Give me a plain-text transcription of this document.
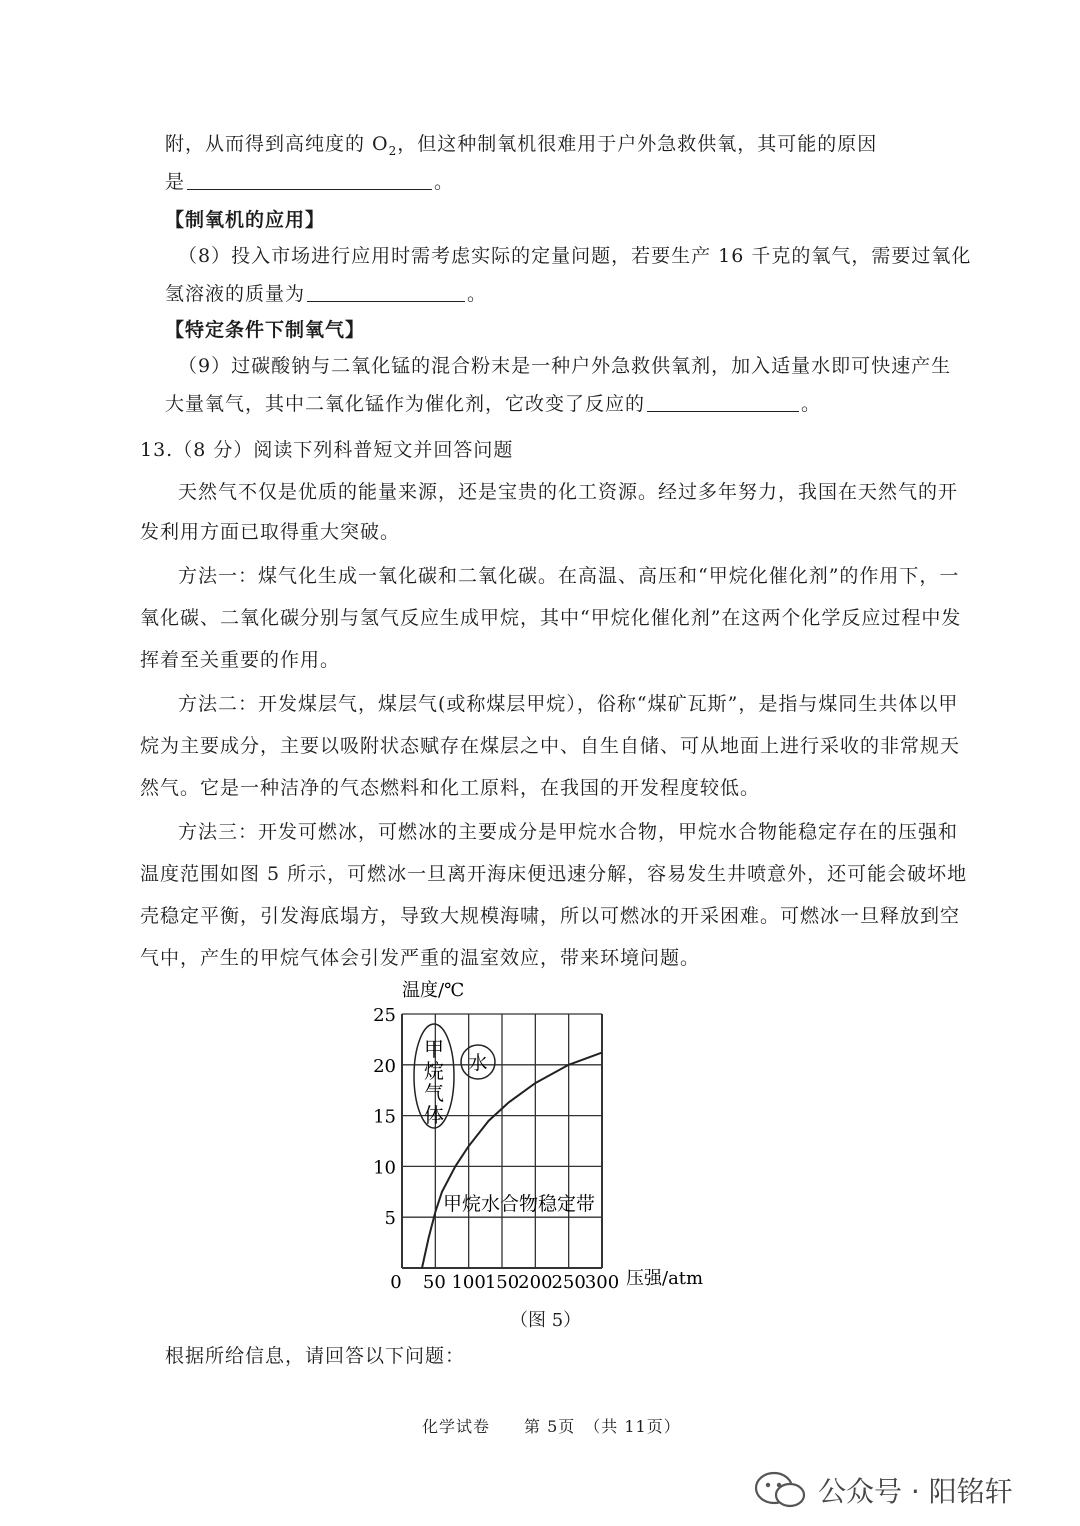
附，从而得到高纯度的 $O_2$，但这种制氧机很难用于户外急救供氧，其可能的原因
是	。
【制氧机的应用】
（8）投入市场进行应用时需考虑实际的定量问题，若要生产 16 千克的氧气，需要过氧化
氢溶液的质量为	。
【特定条件下制氧气】
（9）过碳酸钠与二氧化锰的混合粉末是一种户外急救供氧剂，加入适量水即可快速产生
大量氧气，其中二氧化锰作为催化剂，它改变了反应的	。
13.（8 分）阅读下列科普短文并回答问题
天然气不仅是优质的能量来源，还是宝贵的化工资源。经过多年努力，我国在天然气的开
发利用方面已取得重大突破。
方法一：煤气化生成一氧化碳和二氧化碳。在高温、高压和“甲烷化催化剂”的作用下，一
氧化碳、二氧化碳分别与氢气反应生成甲烷，其中“甲烷化催化剂”在这两个化学反应过程中发
挥着至关重要的作用。
方法二：开发煤层气，煤层气(或称煤层甲烷），俗称“煤矿瓦斯”，是指与煤同生共体以甲
烷为主要成分，主要以吸附状态赋存在煤层之中、自生自储、可从地面上进行采收的非常规天
然气。它是一种洁净的气态燃料和化工原料，在我国的开发程度较低。
方法三：开发可燃冰，可燃冰的主要成分是甲烷水合物，甲烷水合物能稳定存在的压强和
温度范围如图 5 所示，可燃冰一旦离开海床便迅速分解，容易发生井喷意外，还可能会破坏地
壳稳定平衡，引发海底塌方，导致大规模海啸，所以可燃冰的开采困难。可燃冰一旦释放到空
气中，产生的甲烷气体会引发严重的温室效应，带来环境问题。
0 50 100
150
200
250
300
5
10
15
20
25
甲烷气体
水
甲烷水合物稳定带
温度/℃
压强/atm
（图 5）
根据所给信息，请回答以下问题：
化学试卷　　第 5页　（共 11页）
公众号 · 阳铭轩
